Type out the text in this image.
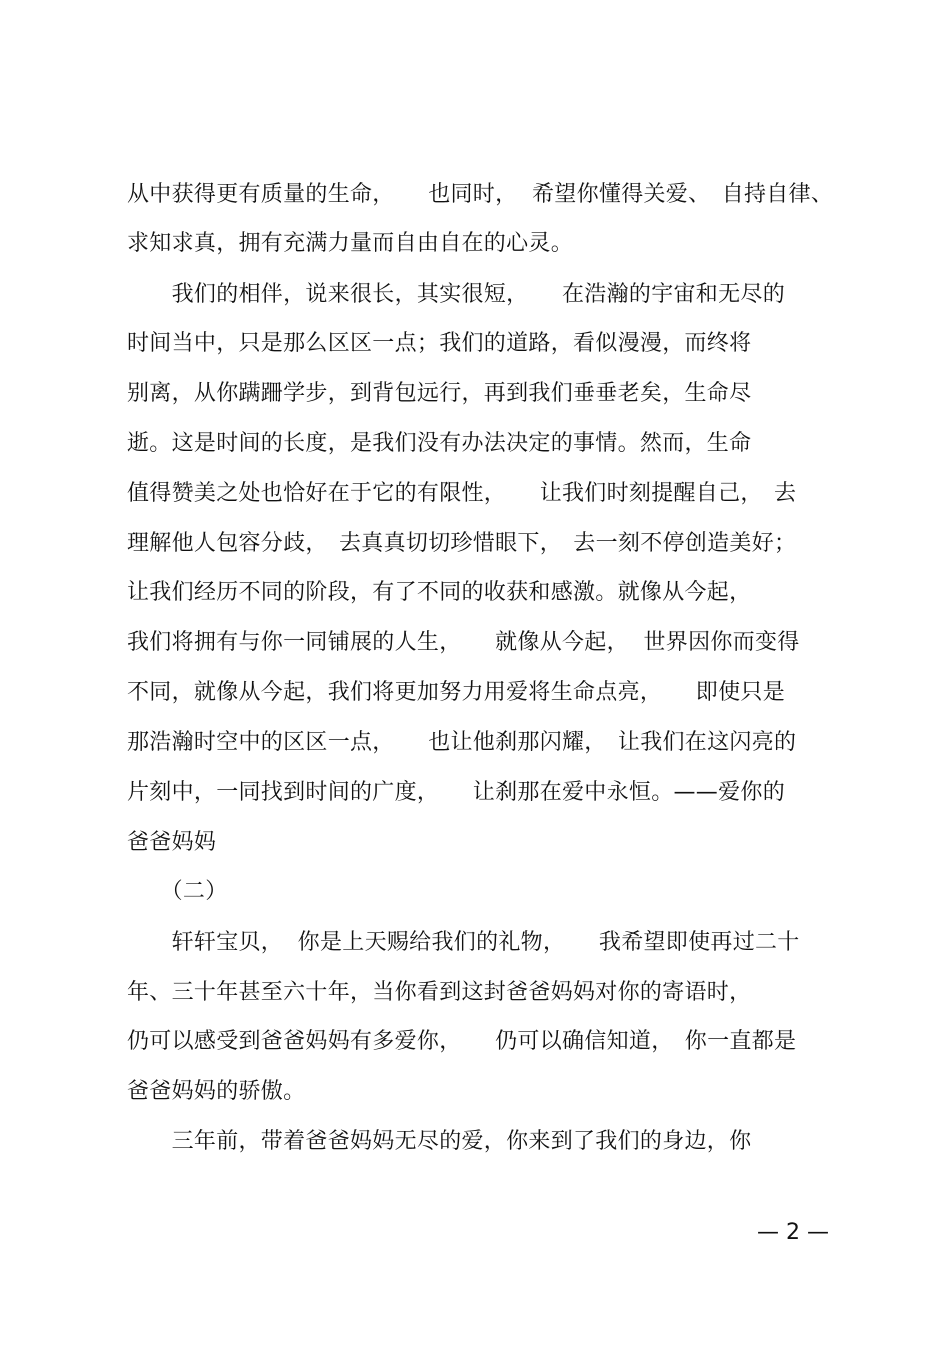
从中获得更有质量的生命，　　也同时，  希望你懂得关爱、　自持自律、
求知求真，拥有充满力量而自由自在的心灵。
　　我们的相伴，说来很长，其实很短，　　在浩瀚的宇宙和无尽的
时间当中，只是那么区区一点；我们的道路，看似漫漫，而终将
别离，从你蹒跚学步，到背包远行，再到我们垂垂老矣，生命尽
逝。这是时间的长度，是我们没有办法决定的事情。然而，生命
值得赞美之处也恰好在于它的有限性，　　让我们时刻提醒自己，　去
理解他人包容分歧，　去真真切切珍惜眼下，　去一刻不停创造美好；
让我们经历不同的阶段，有了不同的收获和感激。就像从今起，
我们将拥有与你一同铺展的人生，　　就像从今起，  世界因你而变得
不同，就像从今起，我们将更加努力用爱将生命点亮，　　即使只是
那浩瀚时空中的区区一点，　　也让他刹那闪耀，　让我们在这闪亮的
片刻中，一同找到时间的广度，　　让刹那在爱中永恒。——爱你的
爸爸妈妈
　　（二）
　　轩轩宝贝，  你是上天赐给我们的礼物，　　我希望即使再过二十
年、三十年甚至六十年，当你看到这封爸爸妈妈对你的寄语时，
仍可以感受到爸爸妈妈有多爱你，　　仍可以确信知道，　你一直都是
爸爸妈妈的骄傲。
　　三年前，带着爸爸妈妈无尽的爱，你来到了我们的身边，你
— 2 —
